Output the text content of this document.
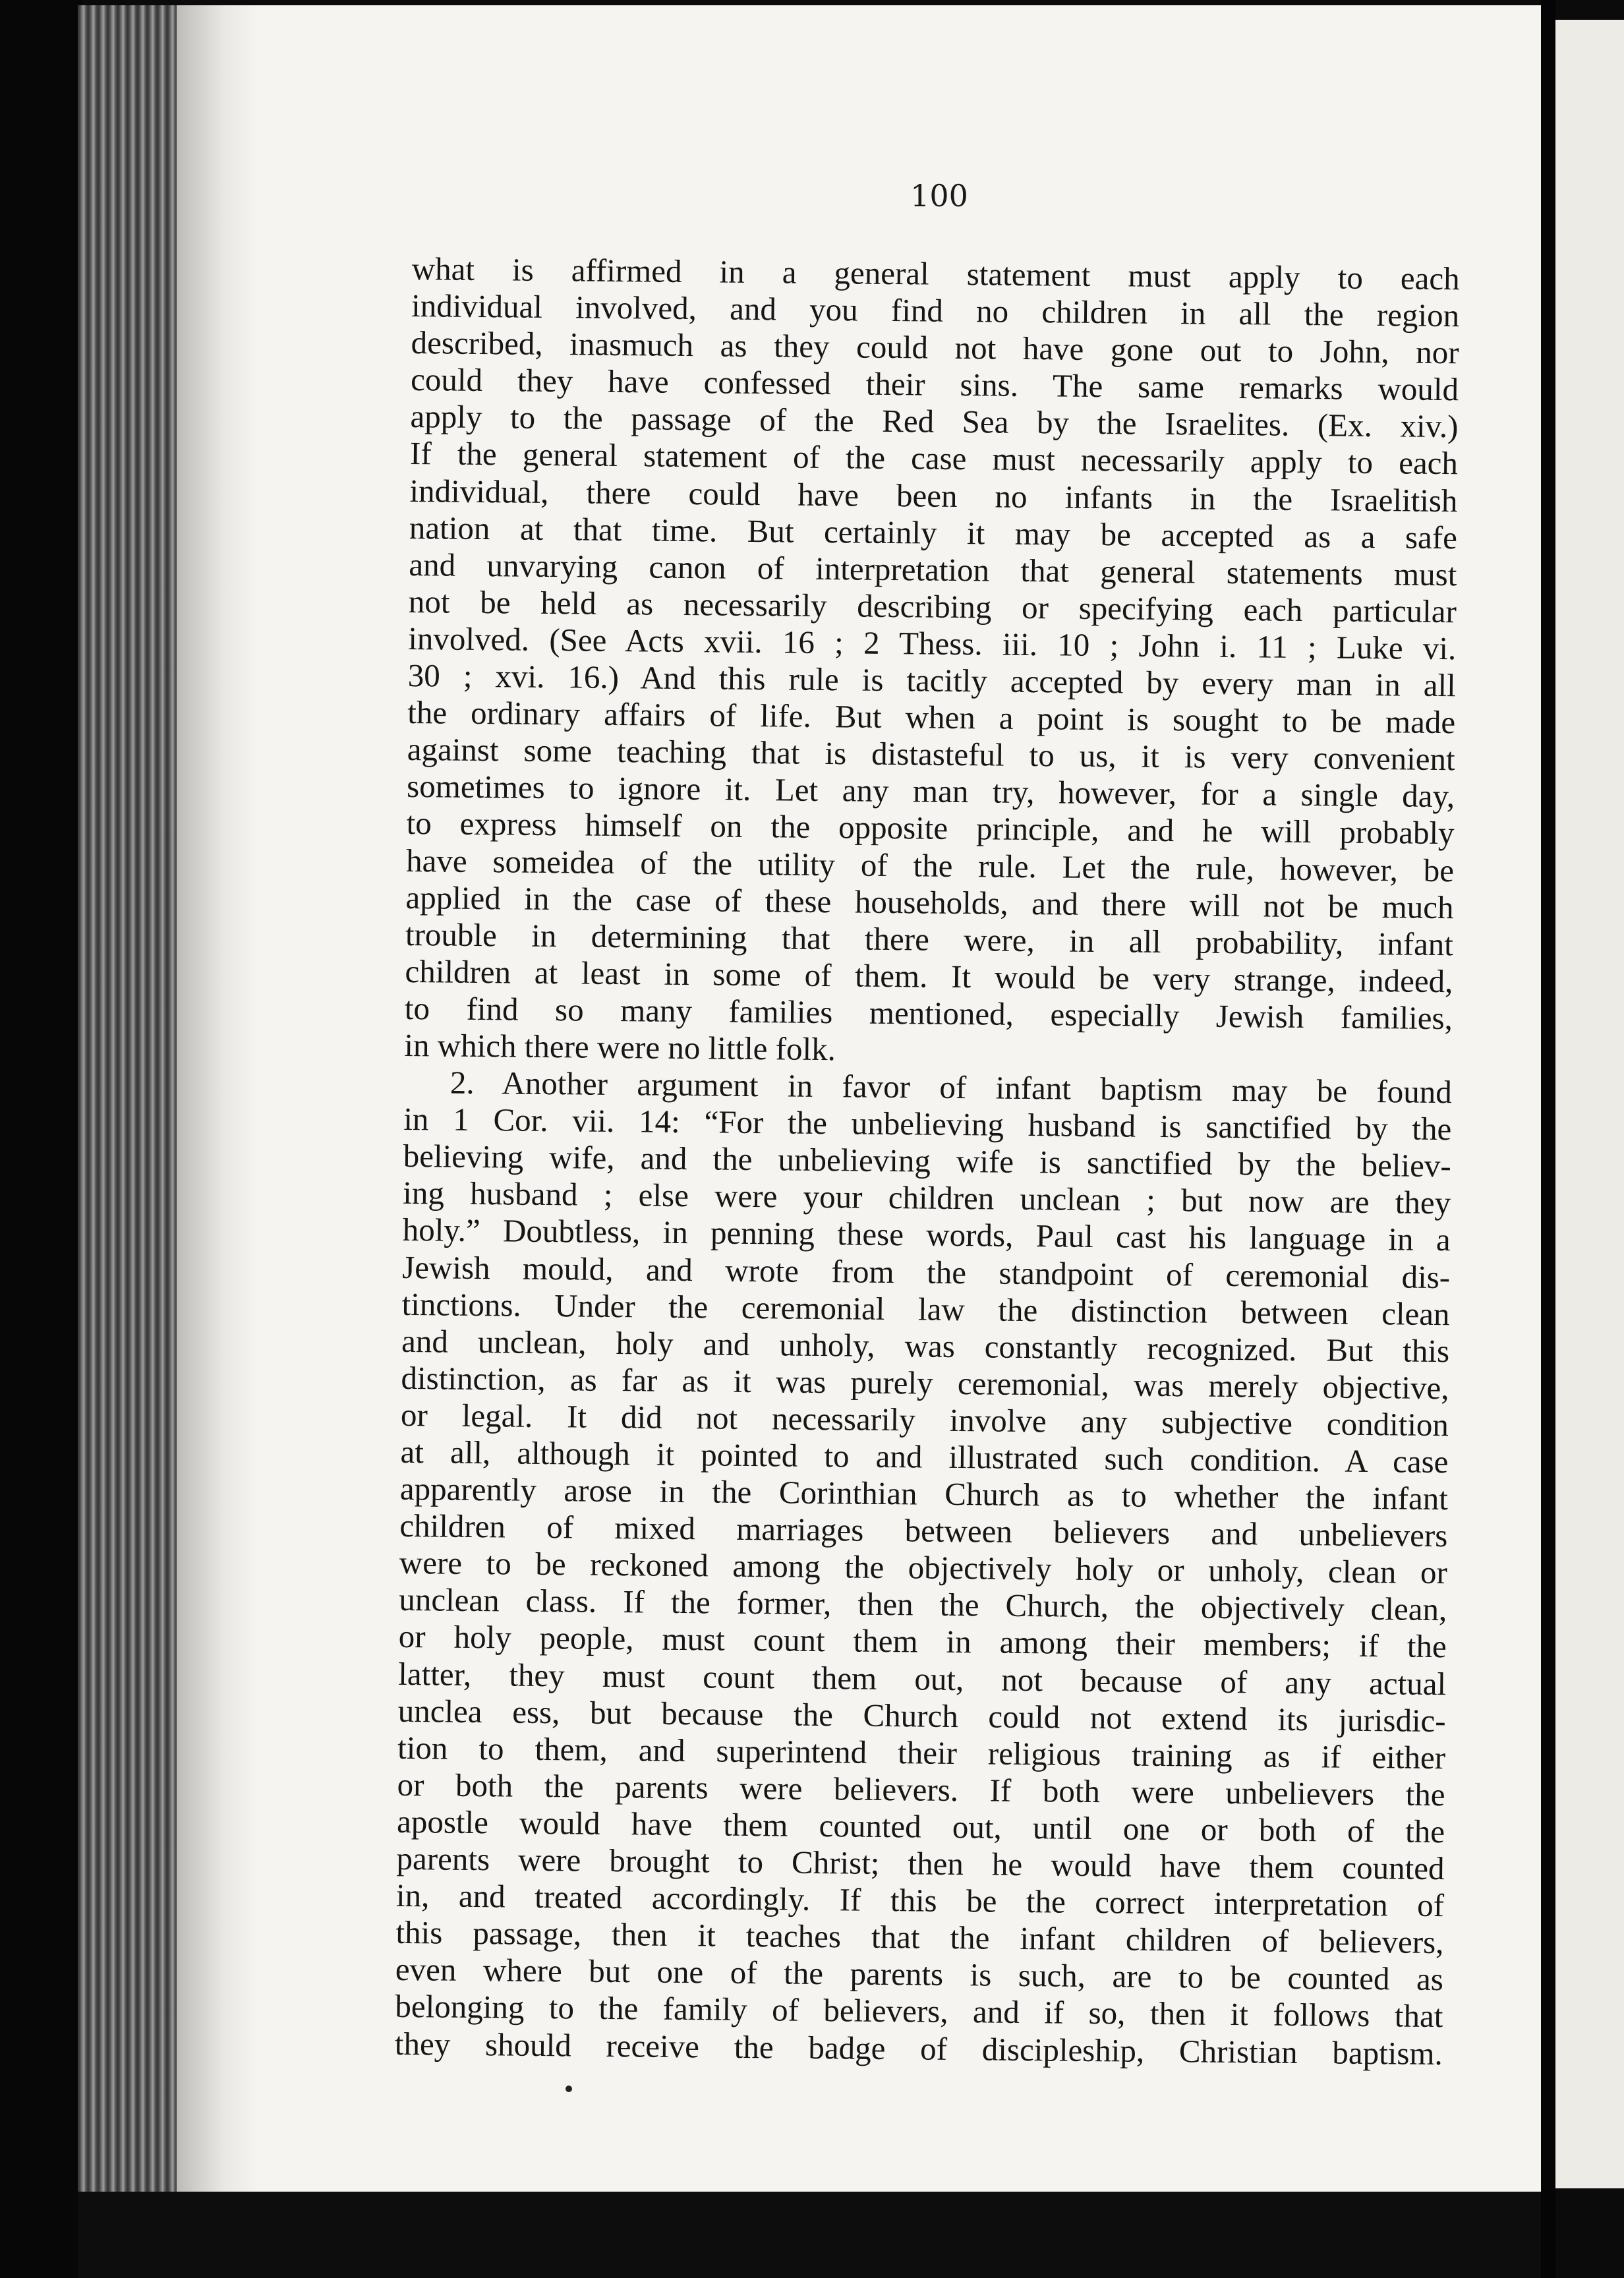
100
what is affirmed in a general statement must apply to each
individual involved, and you find no children in all the region
described, inasmuch as they could not have gone out to John, nor
could they have confessed their sins. The same remarks would
apply to the passage of the Red Sea by the Israelites. (Ex. xiv.)
If the general statement of the case must necessarily apply to each
individual, there could have been no infants in the Israelitish
nation at that time. But certainly it may be accepted as a safe
and unvarying canon of interpretation that general statements must
not be held as necessarily describing or specifying each particular
involved. (See Acts xvii. 16 ; 2 Thess. iii. 10 ; John i. 11 ; Luke vi.
30 ; xvi. 16.) And this rule is tacitly accepted by every man in all
the ordinary affairs of life. But when a point is sought to be made
against some teaching that is distasteful to us, it is very convenient
sometimes to ignore it. Let any man try, however, for a single day,
to express himself on the opposite principle, and he will probably
have someidea of the utility of the rule. Let the rule, however, be
applied in the case of these households, and there will not be much
trouble in determining that there were, in all probability, infant
children at least in some of them. It would be very strange, indeed,
to find so many families mentioned, especially Jewish families,
in which there were no little folk.
2. Another argument in favor of infant baptism may be found
in 1 Cor. vii. 14: “For the unbelieving husband is sanctified by the
believing wife, and the unbelieving wife is sanctified by the believ-
ing husband ; else were your children unclean ; but now are they
holy.” Doubtless, in penning these words, Paul cast his language in a
Jewish mould, and wrote from the standpoint of ceremonial dis-
tinctions. Under the ceremonial law the distinction between clean
and unclean, holy and unholy, was constantly recognized. But this
distinction, as far as it was purely ceremonial, was merely objective,
or legal. It did not necessarily involve any subjective condition
at all, although it pointed to and illustrated such condition. A case
apparently arose in the Corinthian Church as to whether the infant
children of mixed marriages between believers and unbelievers
were to be reckoned among the objectively holy or unholy, clean or
unclean class. If the former, then the Church, the objectively clean,
or holy people, must count them in among their members; if the
latter, they must count them out, not because of any actual
unclea ess, but because the Church could not extend its jurisdic-
tion to them, and superintend their religious training as if either
or both the parents were believers. If both were unbelievers the
apostle would have them counted out, until one or both of the
parents were brought to Christ; then he would have them counted
in, and treated accordingly. If this be the correct interpretation of
this passage, then it teaches that the infant children of believers,
even where but one of the parents is such, are to be counted as
belonging to the family of believers, and if so, then it follows that
they should receive the badge of discipleship, Christian baptism.
